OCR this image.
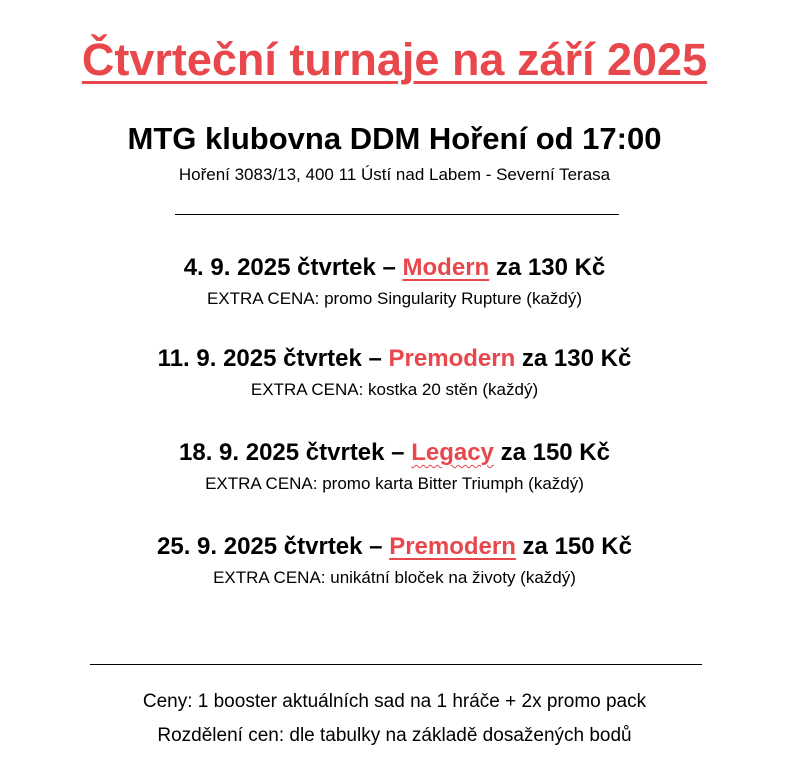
Čtvrteční turnaje na září 2025
MTG klubovna DDM Hoření od 17:00
Hoření 3083/13, 400 11 Ústí nad Labem - Severní Terasa
4. 9. 2025 čtvrtek – Modern za 130 Kč
EXTRA CENA: promo Singularity Rupture (každý)
11. 9. 2025 čtvrtek – Premodern za 130 Kč
EXTRA CENA: kostka 20 stěn (každý)
18. 9. 2025 čtvrtek – Legacy za 150 Kč
EXTRA CENA: promo karta Bitter Triumph (každý)
25. 9. 2025 čtvrtek – Premodern za 150 Kč
EXTRA CENA: unikátní bloček na životy (každý)
Ceny: 1 booster aktuálních sad na 1 hráče + 2x promo pack
Rozdělení cen: dle tabulky na základě dosažených bodů
